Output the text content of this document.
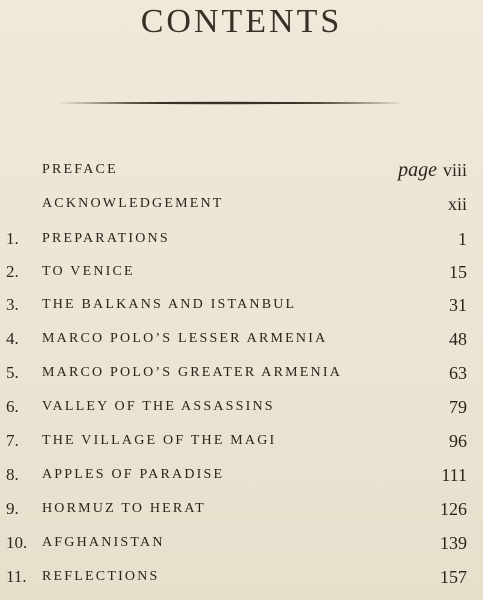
CONTENTS
PREFACE	page viii
ACKNOWLEDGEMENT	xii
1.	PREPARATIONS	1
2.	TO VENICE	15
3.	THE BALKANS AND ISTANBUL	31
4.	MARCO POLO’S LESSER ARMENIA	48
5.	MARCO POLO’S GREATER ARMENIA	63
6.	VALLEY OF THE ASSASSINS	79
7.	THE VILLAGE OF THE MAGI	96
8.	APPLES OF PARADISE	111
9.	HORMUZ TO HERAT	126
10.	AFGHANISTAN	139
11.	REFLECTIONS	157
